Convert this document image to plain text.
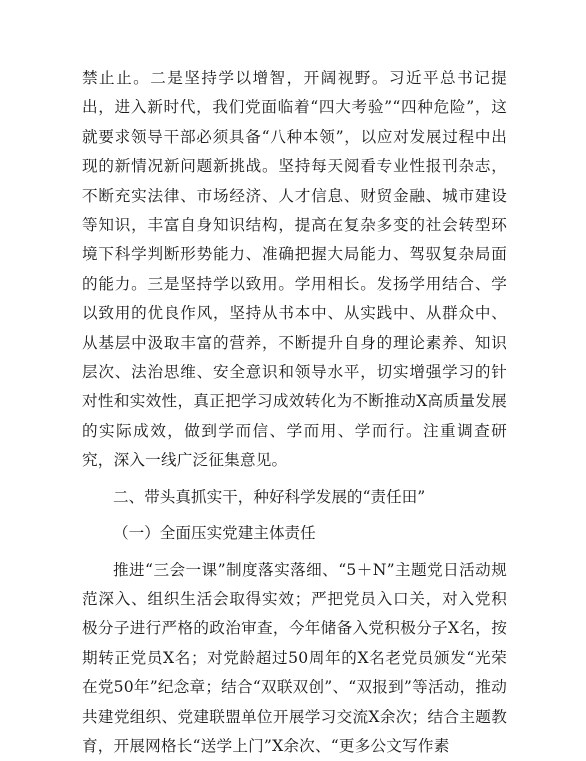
禁止止。二是坚持学以增智，开阔视野。习近平总书记提出，进入新时代，我们党面临着“四大考验”“四种危险”，这就要求领导干部必须具备“八种本领”，以应对发展过程中出现的新情况新问题新挑战。坚持每天阅看专业性报刊杂志，不断充实法律、市场经济、人才信息、财贸金融、城市建设等知识，丰富自身知识结构，提高在复杂多变的社会转型环境下科学判断形势能力、准确把握大局能力、驾驭复杂局面的能力。三是坚持学以致用。学用相长。发扬学用结合、学以致用的优良作风，坚持从书本中、从实践中、从群众中、从基层中汲取丰富的营养，不断提升自身的理论素养、知识层次、法治思维、安全意识和领导水平，切实增强学习的针对性和实效性，真正把学习成效转化为不断推动X高质量发展的实际成效，做到学而信、学而用、学而行。注重调查研究，深入一线广泛征集意见。

二、带头真抓实干，种好科学发展的“责任田”

（一）全面压实党建主体责任

推进“三会一课”制度落实落细、“5＋N”主题党日活动规范深入、组织生活会取得实效；严把党员入口关，对入党积极分子进行严格的政治审查，今年储备入党积极分子X名，按期转正党员X名；对党龄超过50周年的X名老党员颁发“光荣在党50年”纪念章；结合“双联双创”、“双报到”等活动，推动共建党组织、党建联盟单位开展学习交流X余次；结合主题教育，开展网格长“送学上门”X余次、“更多公文写作素
